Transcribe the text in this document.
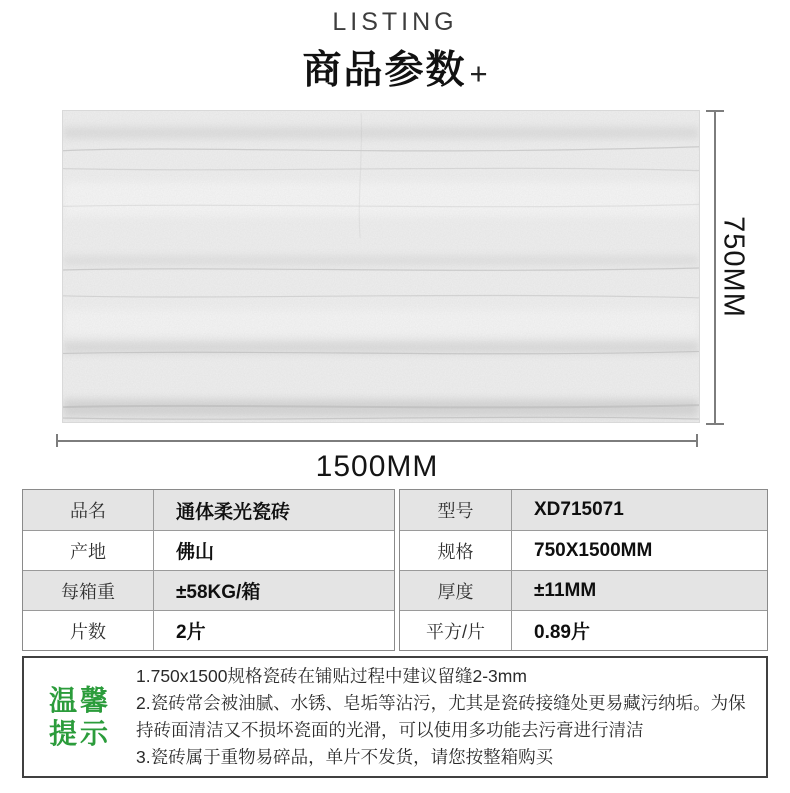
LISTING
商品参数 +
750MM
1500MM
品名	通体柔光瓷砖
产地	佛山
每箱重	±58KG/箱
片数	2片
型号	XD715071
规格	750X1500MM
厚度	±11MM
平方/片	0.89片
温馨
提示

1.750x1500规格瓷砖在铺贴过程中建议留缝2-3mm

2.瓷砖常会被油腻、水锈、皂垢等沾污，尤其是瓷砖接缝处更易藏污纳垢。为保持砖面清洁又不损坏瓷面的光滑，可以使用多功能去污膏进行清洁

3.瓷砖属于重物易碎品，单片不发货，请您按整箱购买
